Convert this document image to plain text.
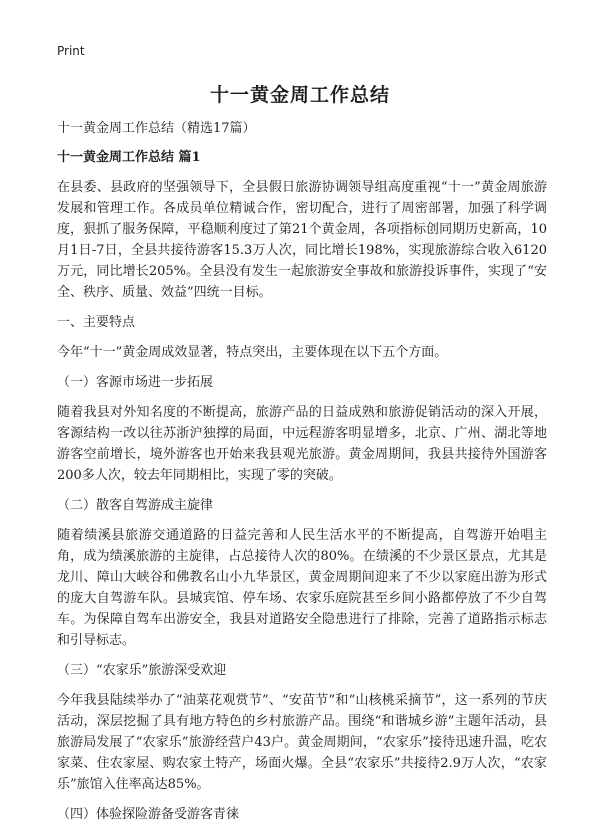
Print
十一黄金周工作总结

十一黄金周工作总结（精选17篇）

十一黄金周工作总结 篇1

在县委、县政府的坚强领导下，全县假日旅游协调领导组高度重视“十一”黄金周旅游发展和管理工作。各成员单位精诚合作，密切配合，进行了周密部署，加强了科学调度，狠抓了服务保障，平稳顺利度过了第21个黄金周，各项指标创同期历史新高，10月1日-7日，全县共接待游客15.3万人次，同比增长198%，实现旅游综合收入6120万元，同比增长205%。全县没有发生一起旅游安全事故和旅游投诉事件，实现了“安全、秩序、质量、效益”四统一目标。

一、主要特点

今年“十一”黄金周成效显著，特点突出，主要体现在以下五个方面。

（一）客源市场进一步拓展

随着我县对外知名度的不断提高，旅游产品的日益成熟和旅游促销活动的深入开展，客源结构一改以往苏浙沪独撑的局面，中远程游客明显增多，北京、广州、湖北等地游客空前增长，境外游客也开始来我县观光旅游。黄金周期间，我县共接待外国游客200多人次，较去年同期相比，实现了零的突破。

（二）散客自驾游成主旋律

随着绩溪县旅游交通道路的日益完善和人民生活水平的不断提高，自驾游开始唱主角，成为绩溪旅游的主旋律，占总接待人次的80%。在绩溪的不少景区景点，尤其是龙川、障山大峡谷和佛教名山小九华景区，黄金周期间迎来了不少以家庭出游为形式的庞大自驾游车队。县城宾馆、停车场、农家乐庭院甚至乡间小路都停放了不少自驾车。为保障自驾车出游安全，我县对道路安全隐患进行了排除，完善了道路指示标志和引导标志。

（三）“农家乐”旅游深受欢迎

今年我县陆续举办了“油菜花观赏节”、“安苗节”和“山核桃采摘节”，这一系列的节庆活动，深层挖掘了具有地方特色的乡村旅游产品。围绕“和谐城乡游”主题年活动，县旅游局发展了“农家乐”旅游经营户43户。黄金周期间，“农家乐”接待迅速升温，吃农家菜、住农家屋、购农家土特产，场面火爆。全县“农家乐”共接待2.9万人次，“农家乐”旅馆入住率高达85%。

（四）体验探险游备受游客青徕
